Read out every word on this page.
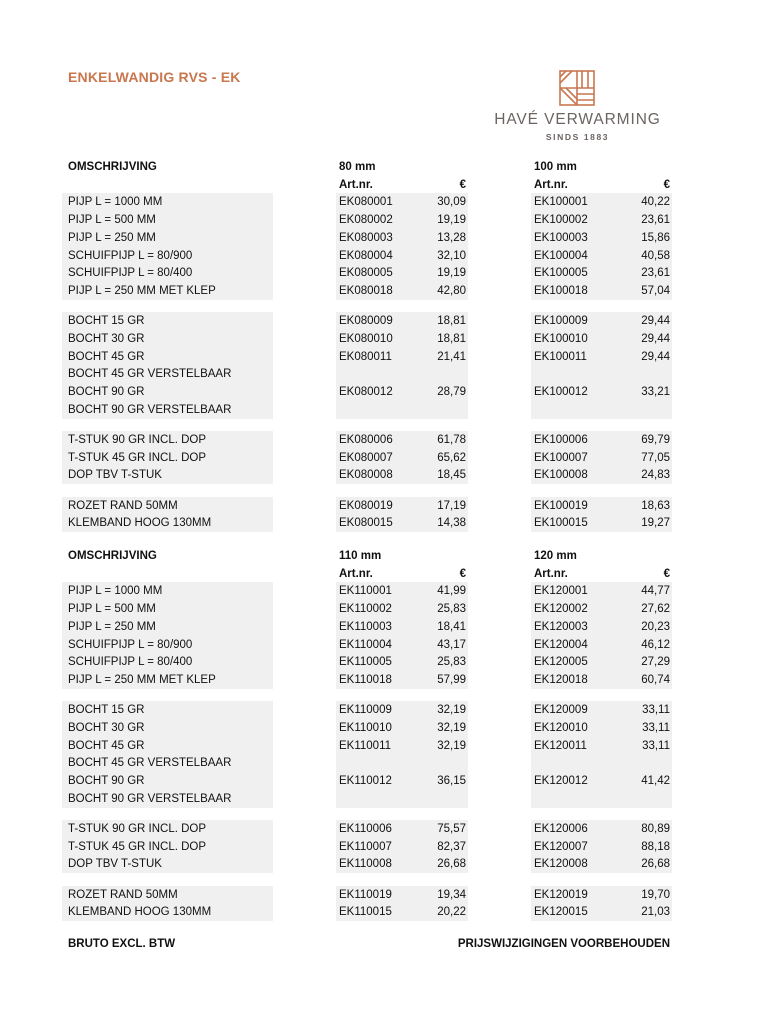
ENKELWANDIG RVS - EK
HAVÉ VERWARMING
SINDS 1883
OMSCHRIJVING	80 mm	100 mm
Art.nr.	€	Art.nr.	€
PIJP L = 1000 MM	EK080001	30,09	EK100001	40,22
PIJP L = 500 MM	EK080002	19,19	EK100002	23,61
PIJP L = 250 MM	EK080003	13,28	EK100003	15,86
SCHUIFPIJP L = 80/900	EK080004	32,10	EK100004	40,58
SCHUIFPIJP L = 80/400	EK080005	19,19	EK100005	23,61
PIJP L = 250 MM MET KLEP	EK080018	42,80	EK100018	57,04
BOCHT 15 GR	EK080009	18,81	EK100009	29,44
BOCHT 30 GR	EK080010	18,81	EK100010	29,44
BOCHT 45 GR	EK080011	21,41	EK100011	29,44
BOCHT 45 GR VERSTELBAAR
BOCHT 90 GR	EK080012	28,79	EK100012	33,21
BOCHT 90 GR VERSTELBAAR
T-STUK 90 GR INCL. DOP	EK080006	61,78	EK100006	69,79
T-STUK 45 GR INCL. DOP	EK080007	65,62	EK100007	77,05
DOP TBV T-STUK	EK080008	18,45	EK100008	24,83
ROZET RAND 50MM	EK080019	17,19	EK100019	18,63
KLEMBAND HOOG 130MM	EK080015	14,38	EK100015	19,27
OMSCHRIJVING	110 mm	120 mm
Art.nr.	€	Art.nr.	€
PIJP L = 1000 MM	EK110001	41,99	EK120001	44,77
PIJP L = 500 MM	EK110002	25,83	EK120002	27,62
PIJP L = 250 MM	EK110003	18,41	EK120003	20,23
SCHUIFPIJP L = 80/900	EK110004	43,17	EK120004	46,12
SCHUIFPIJP L = 80/400	EK110005	25,83	EK120005	27,29
PIJP L = 250 MM MET KLEP	EK110018	57,99	EK120018	60,74
BOCHT 15 GR	EK110009	32,19	EK120009	33,11
BOCHT 30 GR	EK110010	32,19	EK120010	33,11
BOCHT 45 GR	EK110011	32,19	EK120011	33,11
BOCHT 45 GR VERSTELBAAR
BOCHT 90 GR	EK110012	36,15	EK120012	41,42
BOCHT 90 GR VERSTELBAAR
T-STUK 90 GR INCL. DOP	EK110006	75,57	EK120006	80,89
T-STUK 45 GR INCL. DOP	EK110007	82,37	EK120007	88,18
DOP TBV T-STUK	EK110008	26,68	EK120008	26,68
ROZET RAND 50MM	EK110019	19,34	EK120019	19,70
KLEMBAND HOOG 130MM	EK110015	20,22	EK120015	21,03
BRUTO EXCL. BTW	PRIJSWIJZIGINGEN VOORBEHOUDEN
